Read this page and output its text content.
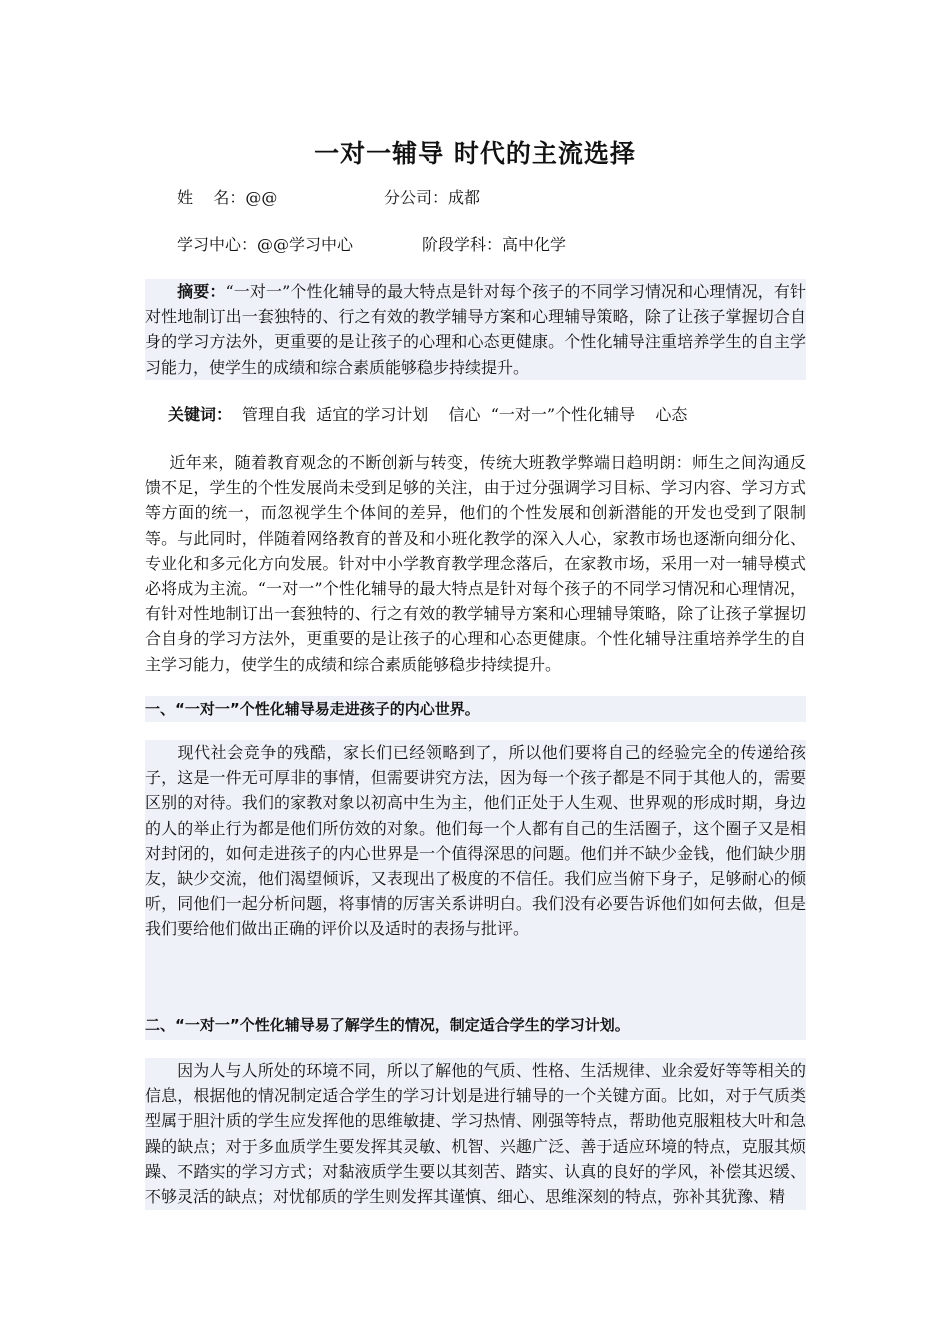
一对一辅导 时代的主流选择
姓    名：@@	分公司：成都
学习中心：@@学习中心	阶段学科：高中化学
摘要：“一对一”个性化辅导的最大特点是针对每个孩子的不同学习情况和心理情况，有针对性地制订出一套独特的、行之有效的教学辅导方案和心理辅导策略，除了让孩子掌握切合自身的学习方法外，更重要的是让孩子的心理和心态更健康。个性化辅导注重培养学生的自主学习能力，使学生的成绩和综合素质能够稳步持续提升。
关键词： 管理自我  适宜的学习计划    信心  “一对一”个性化辅导    心态
近年来，随着教育观念的不断创新与转变，传统大班教学弊端日趋明朗：师生之间沟通反馈不足，学生的个性发展尚未受到足够的关注，由于过分强调学习目标、学习内容、学习方式等方面的统一，而忽视学生个体间的差异，他们的个性发展和创新潜能的开发也受到了限制等。与此同时，伴随着网络教育的普及和小班化教学的深入人心，家教市场也逐渐向细分化、专业化和多元化方向发展。针对中小学教育教学理念落后，在家教市场，采用一对一辅导模式必将成为主流。“一对一”个性化辅导的最大特点是针对每个孩子的不同学习情况和心理情况，有针对性地制订出一套独特的、行之有效的教学辅导方案和心理辅导策略，除了让孩子掌握切合自身的学习方法外，更重要的是让孩子的心理和心态更健康。个性化辅导注重培养学生的自主学习能力，使学生的成绩和综合素质能够稳步持续提升。
一、“一对一”个性化辅导易走进孩子的内心世界。
现代社会竞争的残酷，家长们已经领略到了，所以他们要将自己的经验完全的传递给孩子，这是一件无可厚非的事情，但需要讲究方法，因为每一个孩子都是不同于其他人的，需要区别的对待。我们的家教对象以初高中生为主，他们正处于人生观、世界观的形成时期，身边的人的举止行为都是他们所仿效的对象。他们每一个人都有自己的生活圈子，这个圈子又是相对封闭的，如何走进孩子的内心世界是一个值得深思的问题。他们并不缺少金钱，他们缺少朋友，缺少交流，他们渴望倾诉，又表现出了极度的不信任。我们应当俯下身子，足够耐心的倾听，同他们一起分析问题，将事情的厉害关系讲明白。我们没有必要告诉他们如何去做，但是我们要给他们做出正确的评价以及适时的表扬与批评。
二、“一对一”个性化辅导易了解学生的情况，制定适合学生的学习计划。
因为人与人所处的环境不同，所以了解他的气质、性格、生活规律、业余爱好等等相关的信息，根据他的情况制定适合学生的学习计划是进行辅导的一个关键方面。比如，对于气质类型属于胆汁质的学生应发挥他的思维敏捷、学习热情、刚强等特点，帮助他克服粗枝大叶和急躁的缺点；对于多血质学生要发挥其灵敏、机智、兴趣广泛、善于适应环境的特点，克服其烦躁、不踏实的学习方式；对黏液质学生要以其刻苦、踏实、认真的良好的学风，补偿其迟缓、不够灵活的缺点；对忧郁质的学生则发挥其谨慎、细心、思维深刻的特点，弥补其犹豫、精
